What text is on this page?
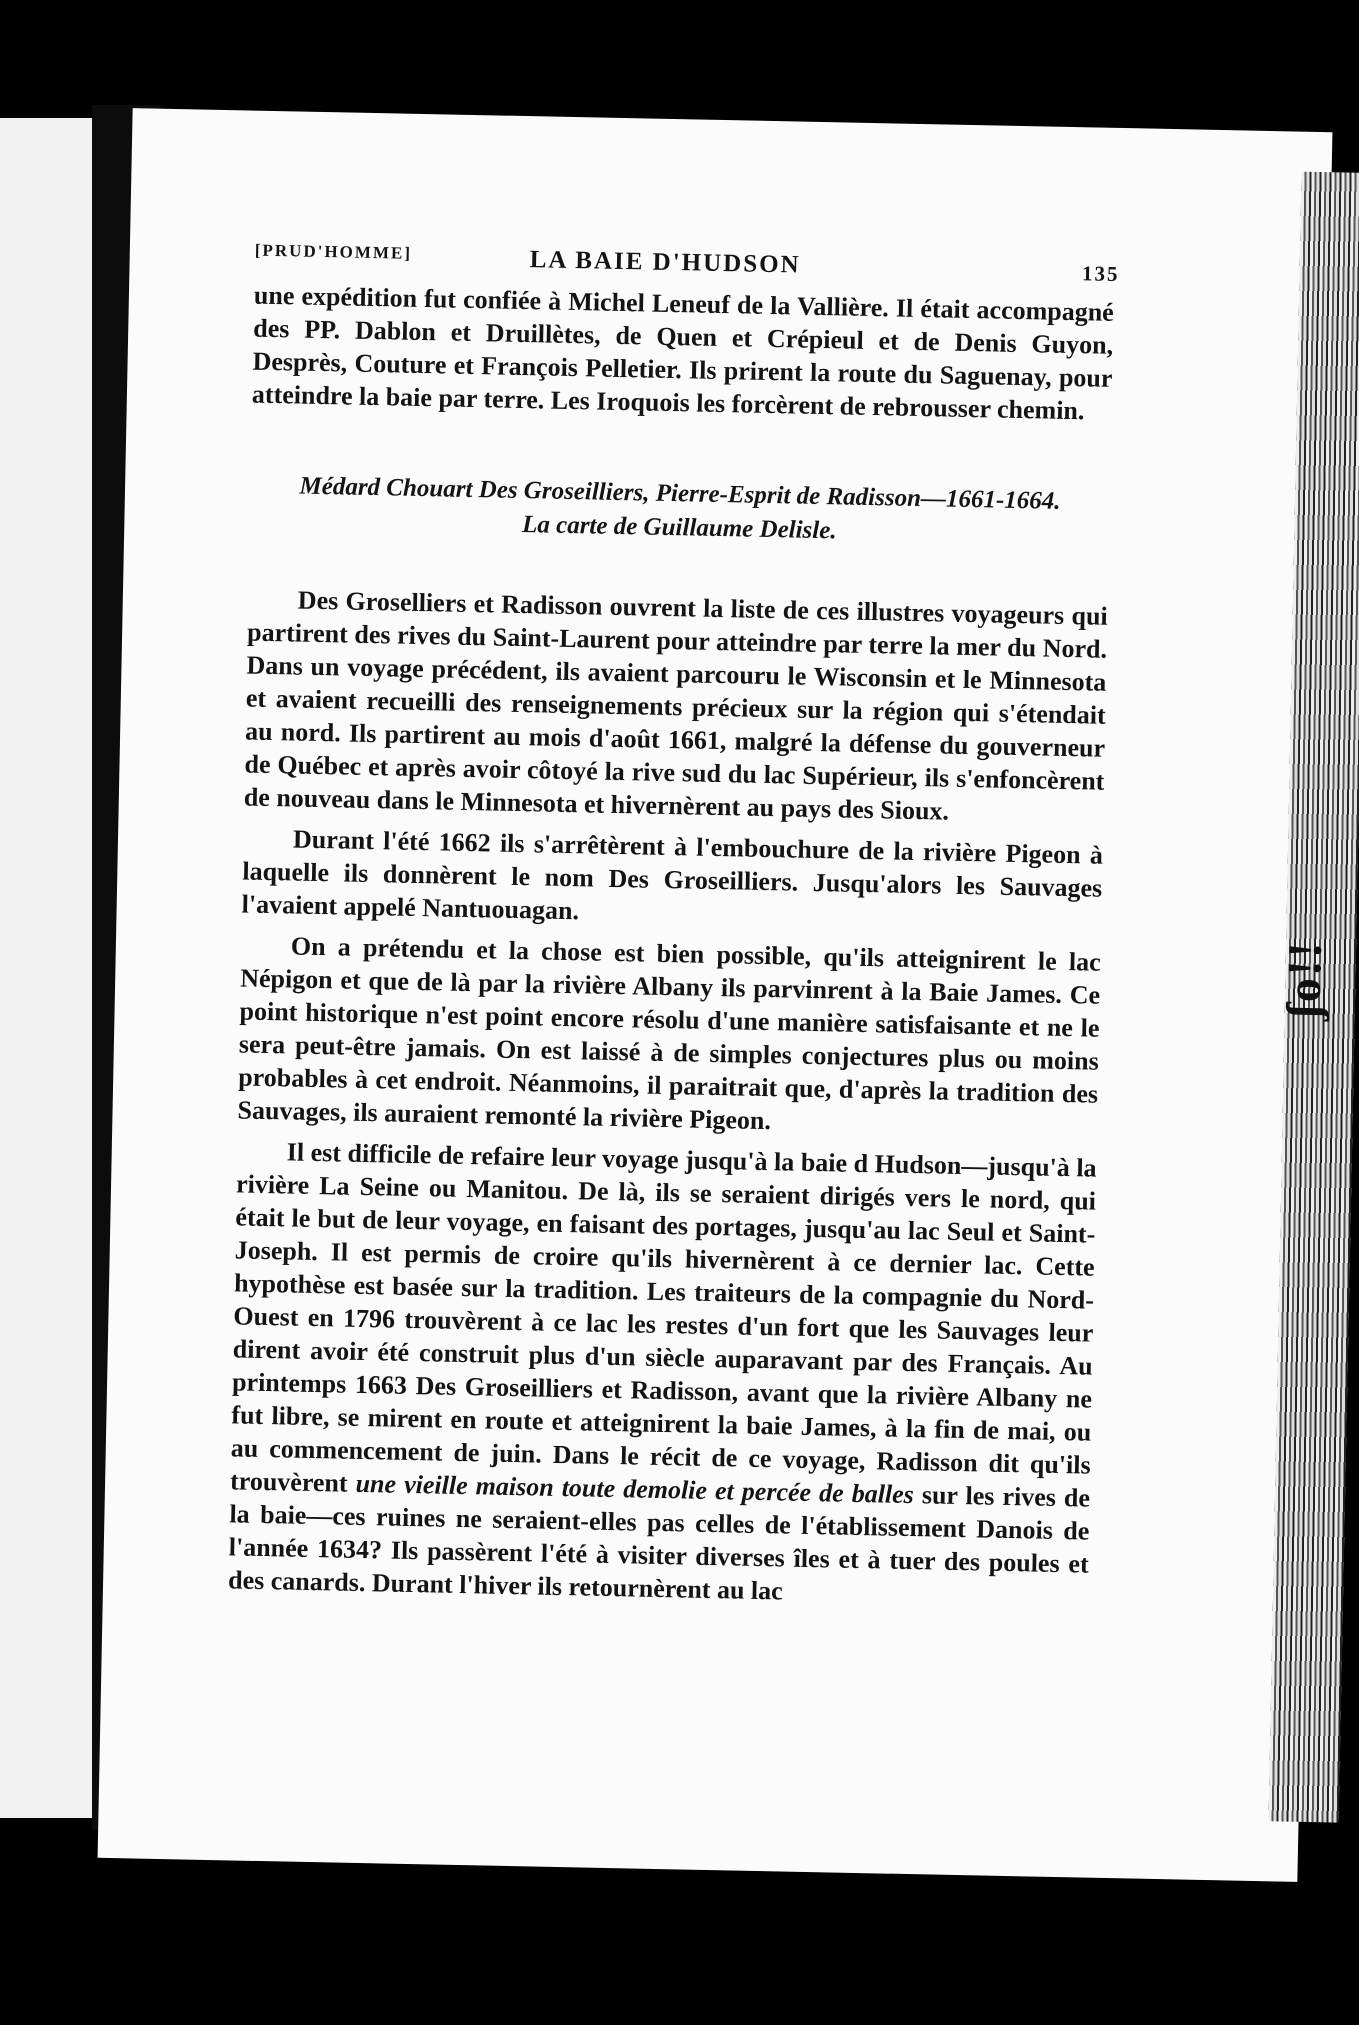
ʃo!!
[PRUD'HOMME]	LA BAIE D'HUDSON	135

une expédition fut confiée à Michel Leneuf de la Vallière. Il était accompagné des PP. Dablon et Druillètes, de Quen et Crépieul et de Denis Guyon, Desprès, Couture et François Pelletier. Ils prirent la route du Saguenay, pour atteindre la baie par terre. Les Iroquois les forcèrent de rebrousser chemin.

Médard Chouart Des Groseilliers, Pierre-Esprit de Radisson—1661-1664.
La carte de Guillaume Delisle.

Des Groselliers et Radisson ouvrent la liste de ces illustres voyageurs qui partirent des rives du Saint-Laurent pour atteindre par terre la mer du Nord. Dans un voyage précédent, ils avaient parcouru le Wisconsin et le Minnesota et avaient recueilli des renseignements précieux sur la région qui s'étendait au nord. Ils partirent au mois d'août 1661, malgré la défense du gouverneur de Québec et après avoir côtoyé la rive sud du lac Supérieur, ils s'enfoncèrent de nouveau dans le Minnesota et hivernèrent au pays des Sioux.

Durant l'été 1662 ils s'arrêtèrent à l'embouchure de la rivière Pigeon à laquelle ils donnèrent le nom Des Groseilliers. Jusqu'alors les Sauvages l'avaient appelé Nantuouagan.

On a prétendu et la chose est bien possible, qu'ils atteignirent le lac Népigon et que de là par la rivière Albany ils parvinrent à la Baie James. Ce point historique n'est point encore résolu d'une manière satisfaisante et ne le sera peut-être jamais. On est laissé à de simples conjectures plus ou moins probables à cet endroit. Néanmoins, il paraitrait que, d'après la tradition des Sauvages, ils auraient remonté la rivière Pigeon.

Il est difficile de refaire leur voyage jusqu'à la baie d Hudson—jusqu'à la rivière La Seine ou Manitou. De là, ils se seraient dirigés vers le nord, qui était le but de leur voyage, en faisant des portages, jusqu'au lac Seul et Saint-Joseph. Il est permis de croire qu'ils hivernèrent à ce dernier lac. Cette hypothèse est basée sur la tradition. Les traiteurs de la compagnie du Nord-Ouest en 1796 trouvèrent à ce lac les restes d'un fort que les Sauvages leur dirent avoir été construit plus d'un siècle auparavant par des Français. Au printemps 1663 Des Groseilliers et Radisson, avant que la rivière Albany ne fut libre, se mirent en route et atteignirent la baie James, à la fin de mai, ou au commencement de juin. Dans le récit de ce voyage, Radisson dit qu'ils trouvèrent une vieille maison toute demolie et percée de balles sur les rives de la baie—ces ruines ne seraient-elles pas celles de l'établissement Danois de l'année 1634? Ils passèrent l'été à visiter diverses îles et à tuer des poules et des canards. Durant l'hiver ils retournèrent au lac
